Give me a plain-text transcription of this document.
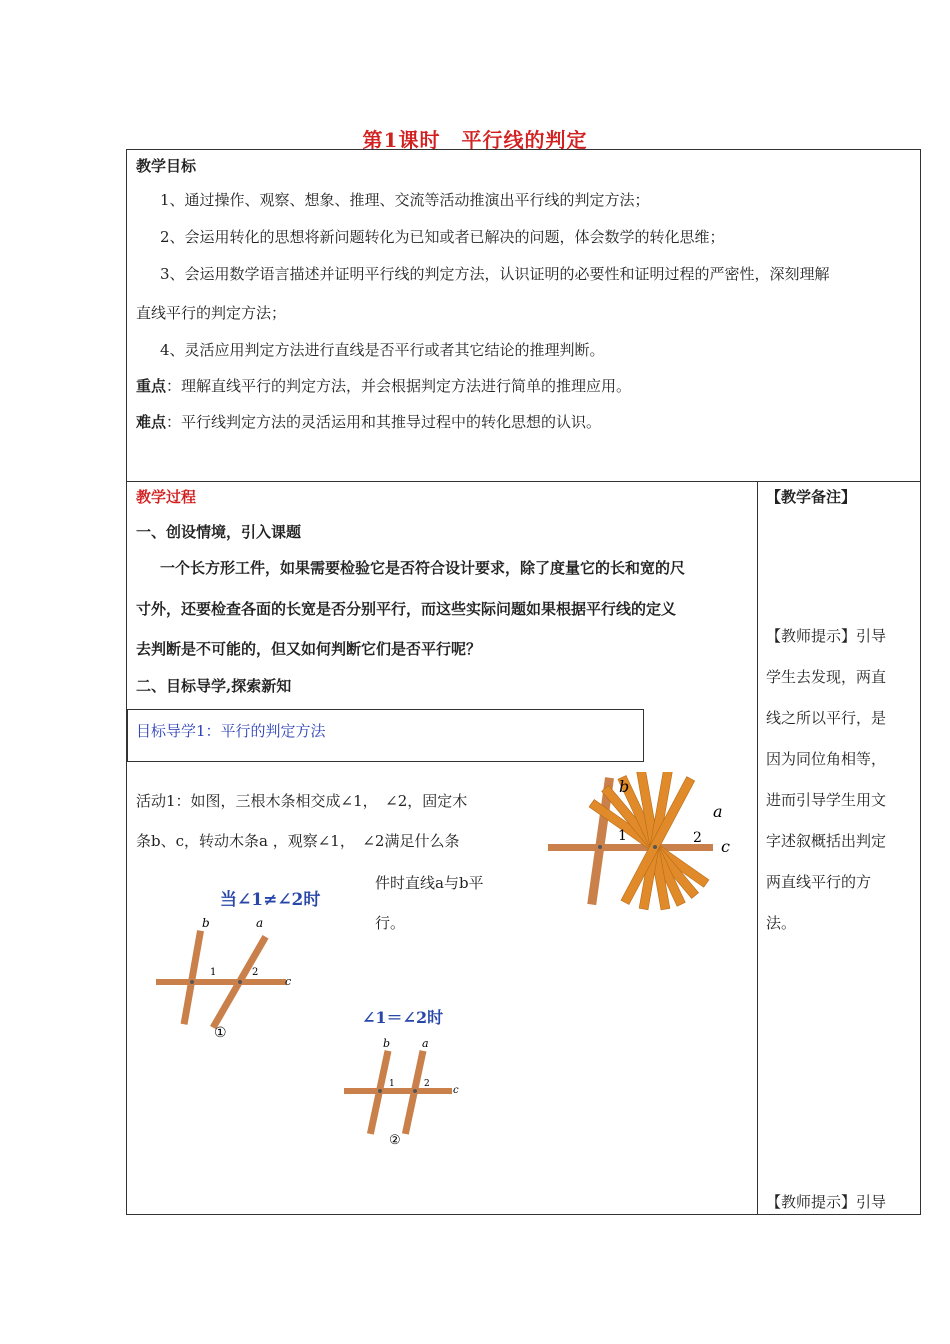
第1课时　平行线的判定
教学目标
1、通过操作、观察、想象、推理、交流等活动推演出平行线的判定方法；
2、会运用转化的思想将新问题转化为已知或者已解决的问题，体会数学的转化思维；
3、会运用数学语言描述并证明平行线的判定方法，认识证明的必要性和证明过程的严密性，深刻理解
直线平行的判定方法；
4、灵活应用判定方法进行直线是否平行或者其它结论的推理判断。
重点：理解直线平行的判定方法，并会根据判定方法进行简单的推理应用。
难点：平行线判定方法的灵活运用和其推导过程中的转化思想的认识。
教学过程
一、创设情境，引入课题
一个长方形工件，如果需要检验它是否符合设计要求，除了度量它的长和宽的尺
寸外，还要检查各面的长宽是否分别平行，而这些实际问题如果根据平行线的定义
去判断是不可能的，但又如何判断它们是否平行呢？
二、目标导学,探索新知
目标导学1：平行的判定方法
活动1：如图，三根木条相交成∠1，　∠2，固定木
条b、c，转动木条a ，观察∠1，　∠2满足什么条
件时直线a与b平
行。
【教学备注】
【教师提示】引导
学生去发现，两直
线之所以平行，是
因为同位角相等，
进而引导学生用文
字述叙概括出判定
两直线平行的方
法。
【教师提示】引导
b
a
c
1	2
当∠1≠∠2时
b	a
c
1	2
①
∠1＝∠2时
b	a
c
1	2
②
